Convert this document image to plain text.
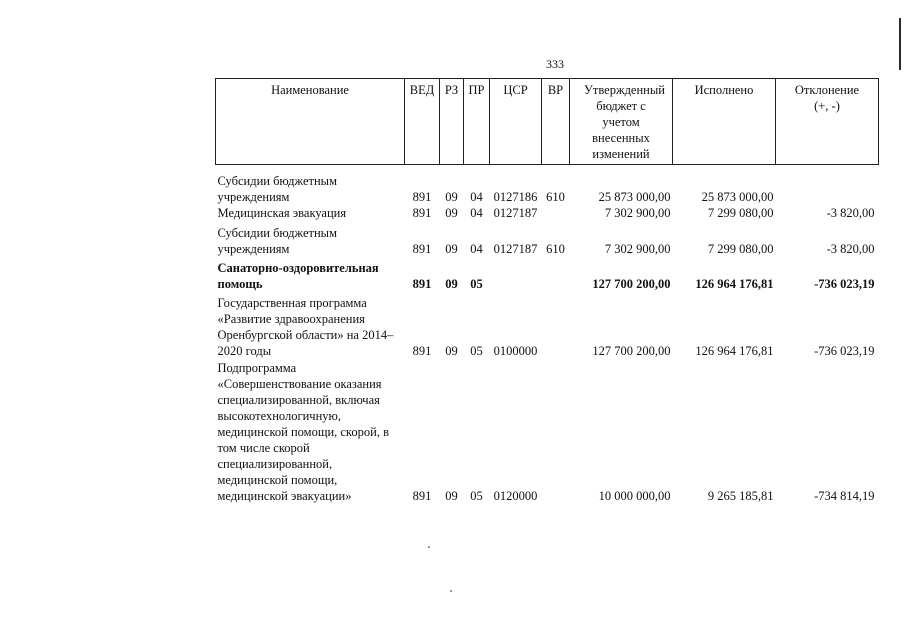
333
Наименование	ВЕД	РЗ	ПР	ЦСР	ВР	Утвержденный бюджет с учетом внесенных изменений	Исполнено	Отклонение (+, -)
Субсидии бюджетным учреждениям	891	09	04	0127186	610	25 873 000,00	25 873 000,00	
Медицинская эвакуация	891	09	04	0127187		7 302 900,00	7 299 080,00	-3 820,00
Субсидии бюджетным учреждениям	891	09	04	0127187	610	7 302 900,00	7 299 080,00	-3 820,00
Санаторно-оздоровительная помощь	891	09	05			127 700 200,00	126 964 176,81	-736 023,19
Государственная программа «Развитие здравоохранения Оренбургской области» на 2014–2020 годы	891	09	05	0100000		127 700 200,00	126 964 176,81	-736 023,19
Подпрограмма «Совершенствование оказания специализированной, включая высокотехнологичную, медицинской помощи, скорой, в том числе скорой специализированной, медицинской помощи, медицинской эвакуации»	891	09	05	0120000		10 000 000,00	9 265 185,81	-734 814,19
